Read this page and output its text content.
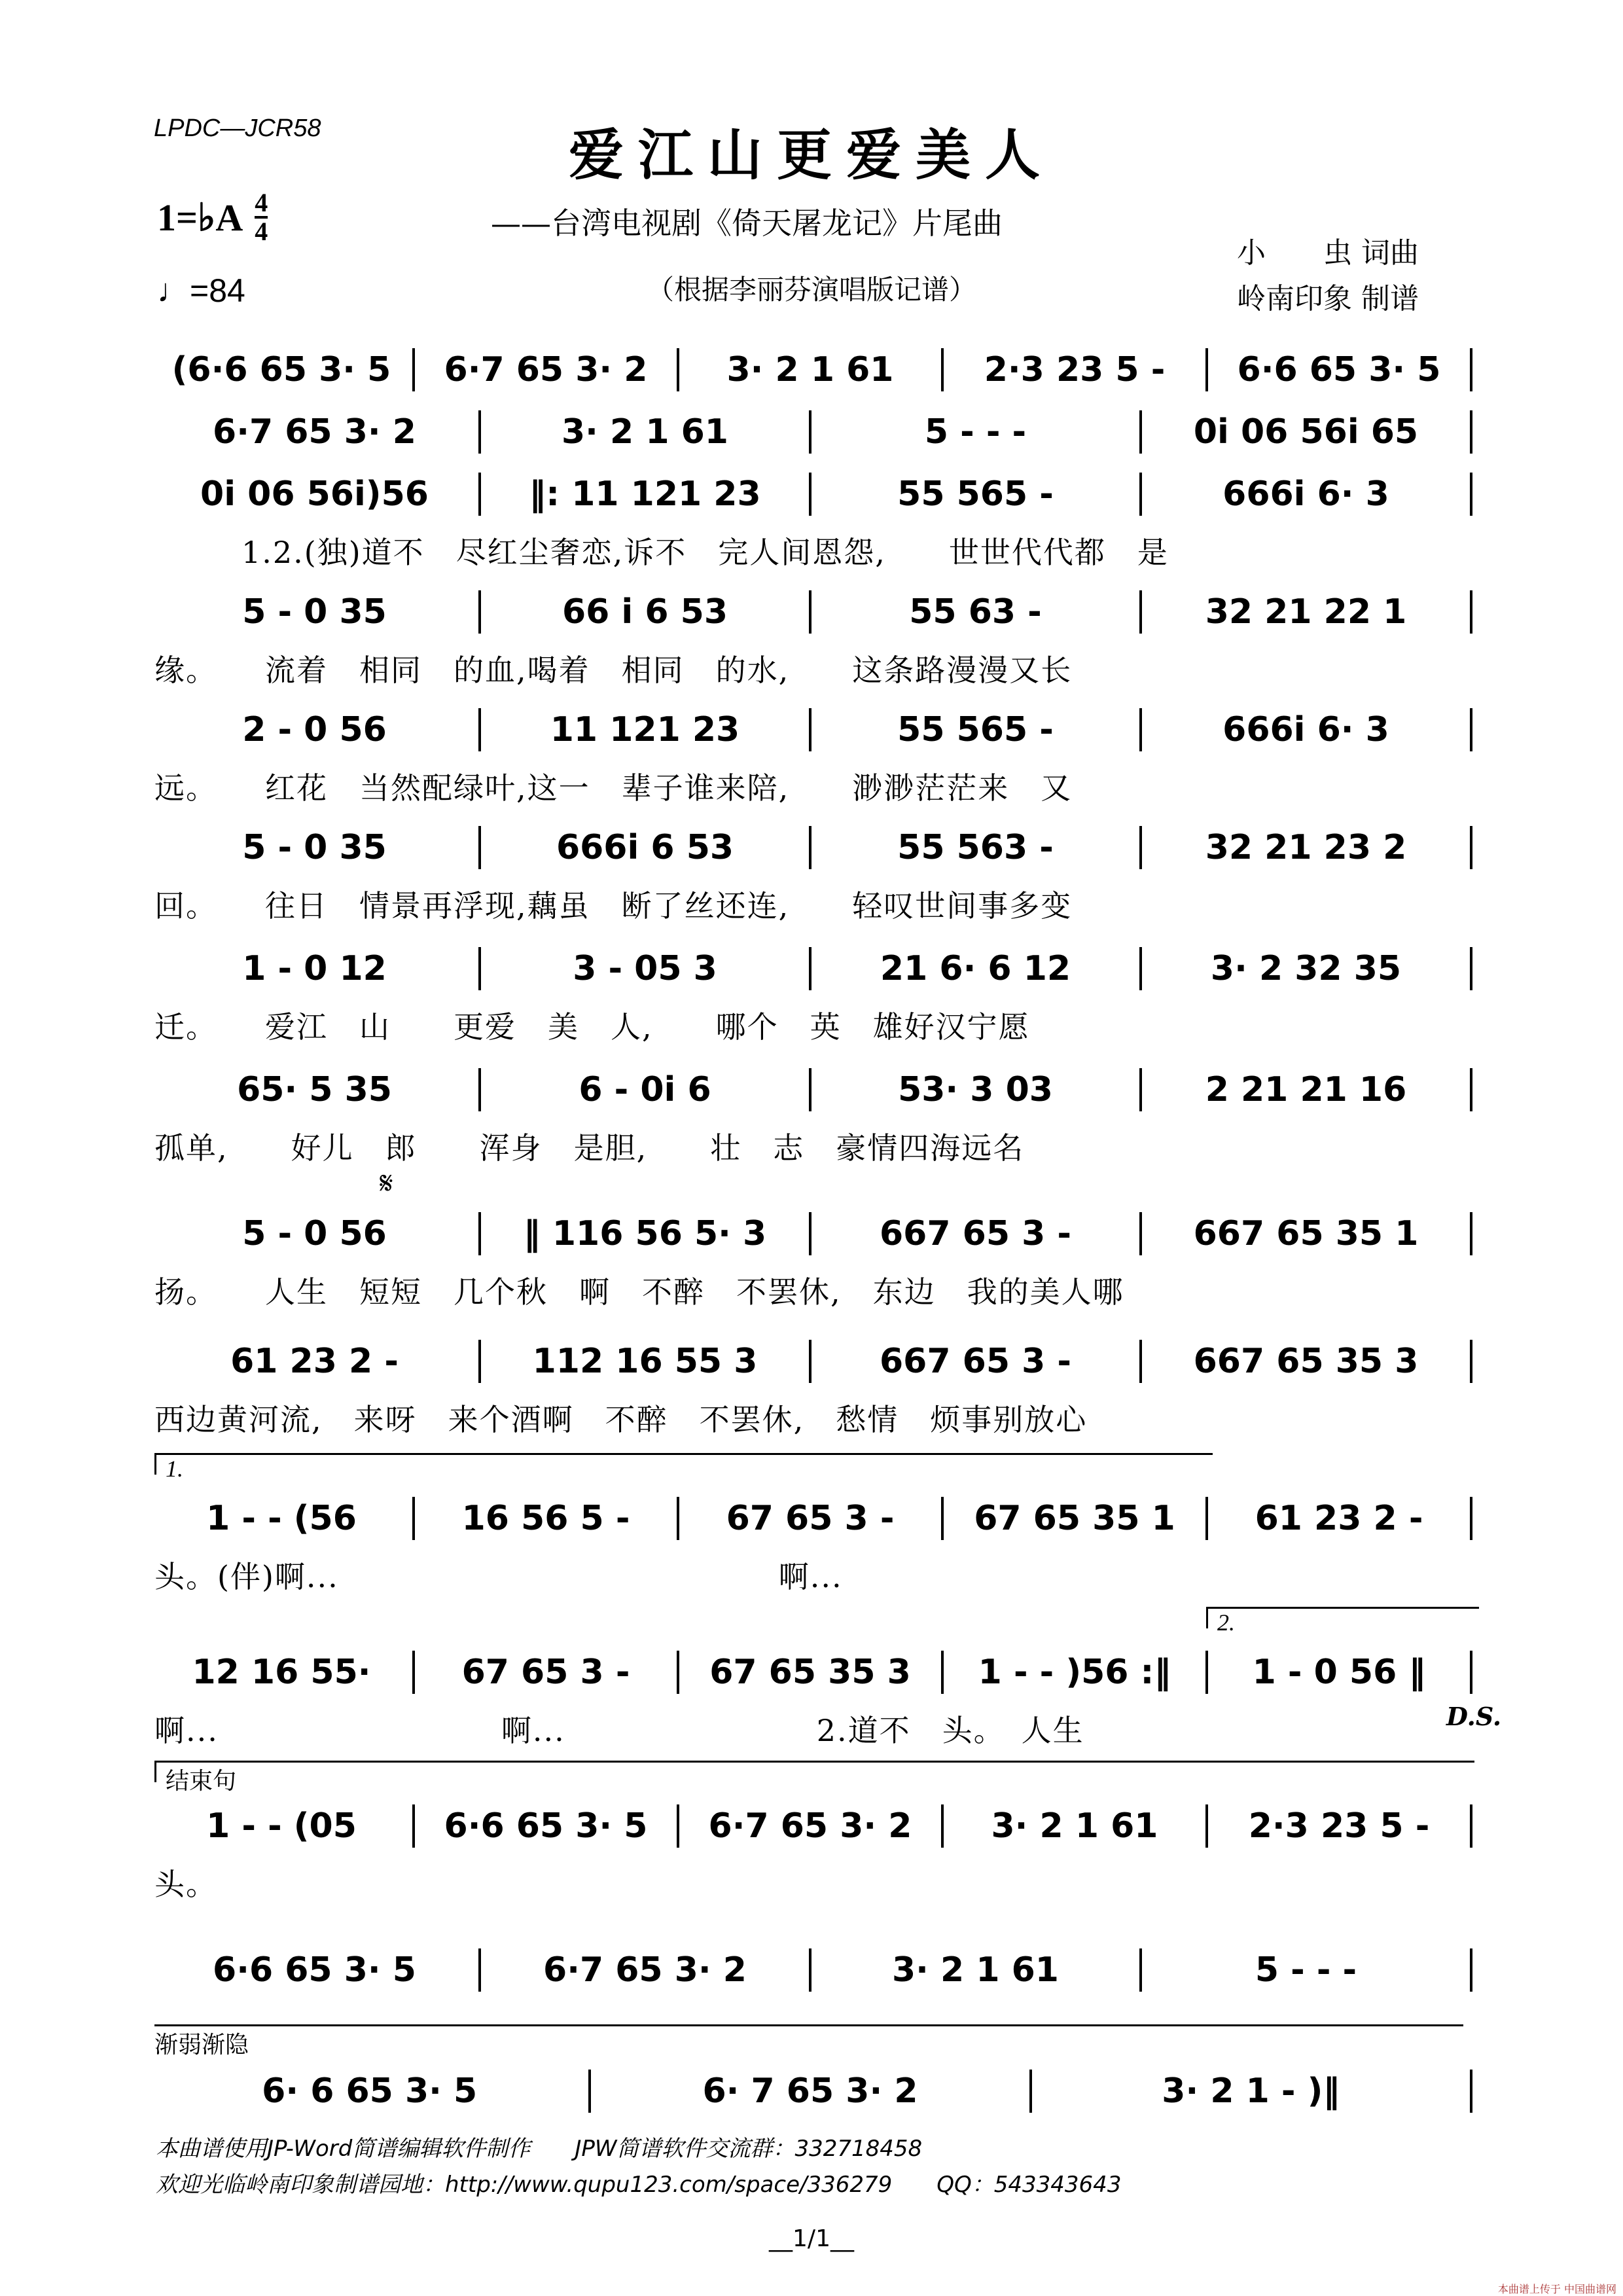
LPDC—JCR58	爱江山更爱美人
1=♭A $\frac{4}{4}$
♩=84
——台湾电视剧《倚天屠龙记》片尾曲
（根据李丽芬演唱版记谱）
小　　虫 词曲
岭南印象 制谱
(6·6 65 3· 5	6·7 65 3· 2	3· 2 1 61	2·3 23 5 -	6·6 65 3· 5
6·7 65 3· 2	3· 2 1 61	5 - - -	0i 06 56i 65
0i 06 56i)56	‖: 11 121 23	55 565 -	666i 6· 3
1.2.(独)道不　尽红尘奢恋,诉不　完人间恩怨,　　世世代代都　是
5 - 0 35	66 i 6 53	55 63 -	32 21 22 1
缘。　　流着　相同　的血,喝着　相同　的水,　　这条路漫漫又长
2 - 0 56	11 121 23	55 565 -	666i 6· 3
远。　　红花　当然配绿叶,这一　辈子谁来陪,　　渺渺茫茫来　又
5 - 0 35	666i 6 53	55 563 -	32 21 23 2
回。　　往日　情景再浮现,藕虽　断了丝还连,　　轻叹世间事多变
1 - 0 12	3 - 05 3	21 6· 6 12	3· 2 32 35
迁。　　爱江　山　　更爱　美　人,　　哪个　英　雄好汉宁愿
65· 5 35	6 - 0i 6	53· 3 03	2 21 21 16
孤单,　　好儿　郎　　浑身　是胆,　　壮　志　豪情四海远名
5 - 0 56	‖ 116 56 5· 3	667 65 3 -	667 65 35 1
扬。　　人生　短短　几个秋　啊　不醉　不罢休,　东边　我的美人哪
61 23 2 -	112 16 55 3	667 65 3 -	667 65 35 3
西边黄河流,　来呀　来个酒啊　不醉　不罢休,　愁情　烦事别放心
1 - - (56	16 56 5 -	67 65 3 -	67 65 35 1	61 23 2 -
头。(伴)啊...　　　　　　　　　　　　　　啊...
12 16 55·	67 65 3 -	67 65 35 3	1 - - )56 :‖	1 - 0 56 ‖
啊...　　　　　　　　　啊...　　　　　　　　2.道不　头。　人生
1 - - (05	6·6 65 3· 5	6·7 65 3· 2	3· 2 1 61	2·3 23 5 -
头。
6·6 65 3· 5	6·7 65 3· 2	3· 2 1 61	5 - - -
6· 6 65 3· 5	6· 7 65 3· 2	3· 2 1 - )‖
1.
2.
D.S.
𝄋
结束句
渐弱渐隐
本曲谱使用JP-Word简谱编辑软件制作　　JPW简谱软件交流群：332718458
欢迎光临岭南印象制谱园地：http://www.qupu123.com/space/336279　　QQ：543343643
__1/1__
本曲谱上传于 中国曲谱网
